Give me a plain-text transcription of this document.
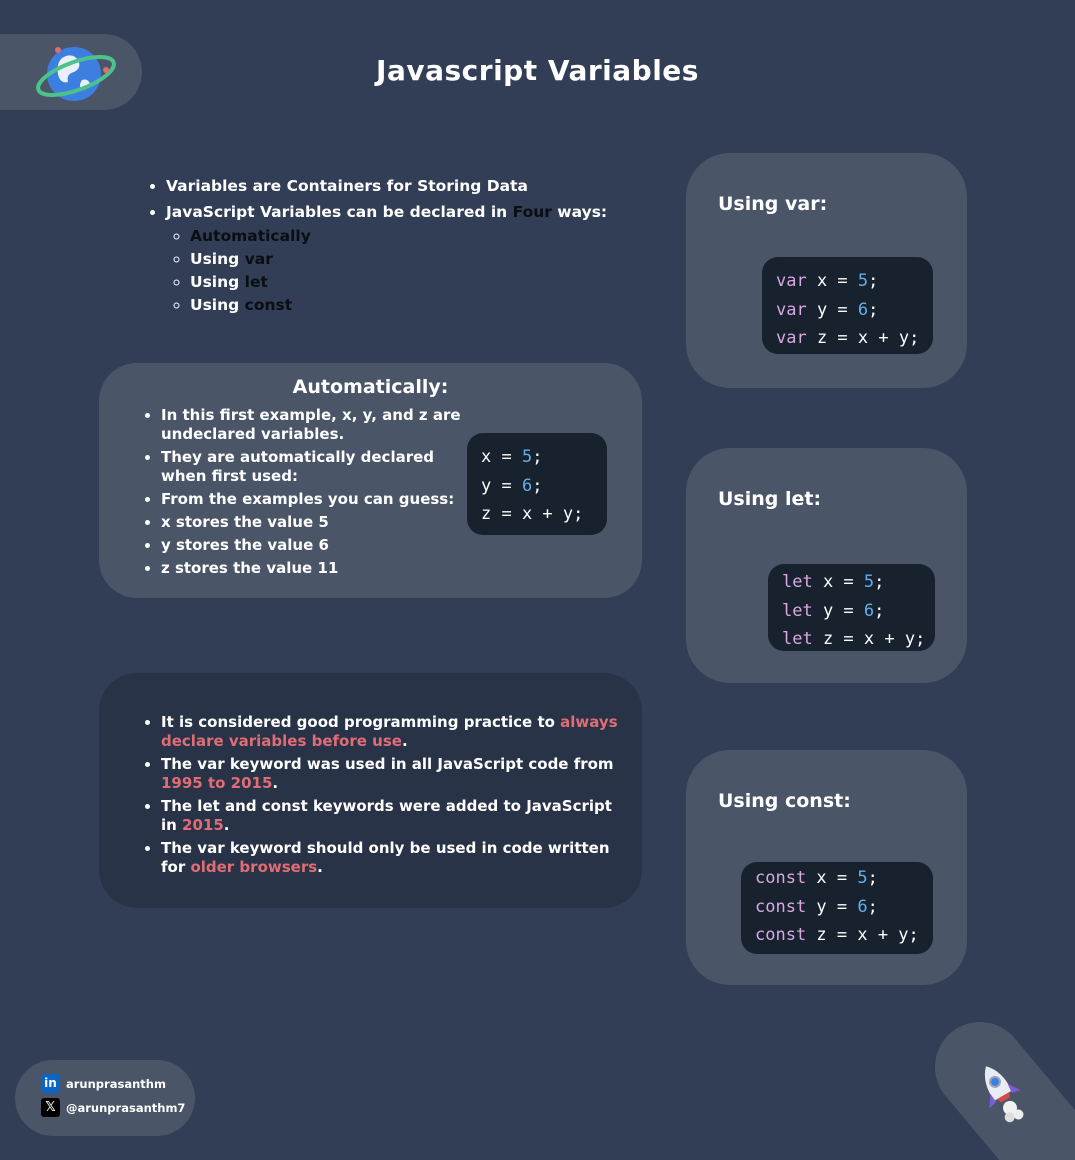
Javascript Variables
• Variables are Containers for Storing Data
• JavaScript Variables can be declared in Four ways:
◦ Automatically
◦ Using var
◦ Using let
◦ Using const
Automatically:
• In this first example, x, y, and z are undeclared variables.
• They are automatically declared when first used:
• From the examples you can guess:
• x stores the value 5
• y stores the value 6
• z stores the value 11
x = 5;
y = 6;
z = x + y;
• It is considered good programming practice to always declare variables before use.
• The var keyword was used in all JavaScript code from 1995 to 2015.
• The let and const keywords were added to JavaScript in 2015.
• The var keyword should only be used in code written for older browsers.
Using var:
var x = 5;
var y = 6;
var z = x + y;
Using let:
let x = 5;
let y = 6;
let z = x + y;
Using const:
const x = 5;
const y = 6;
const z = x + y;
in arunprasanthm
𝕏 @arunprasanthm7
